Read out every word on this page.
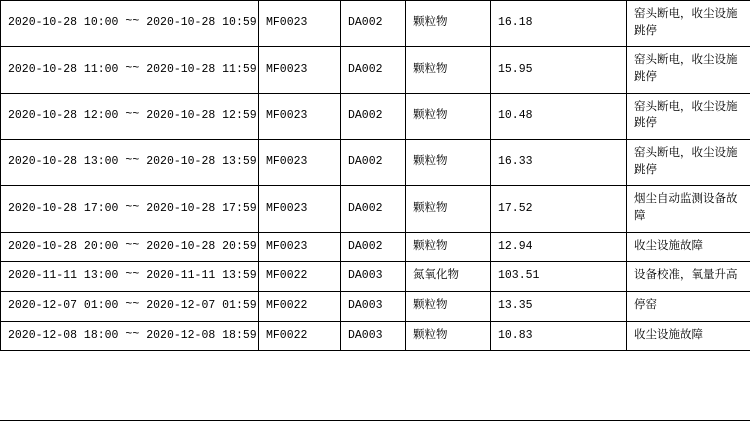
2020-10-28 10:00 ~~ 2020-10-28 10:59	MF0023	DA002	颗粒物	16.18	窑头断电，收尘设施跳停
2020-10-28 11:00 ~~ 2020-10-28 11:59	MF0023	DA002	颗粒物	15.95	窑头断电，收尘设施跳停
2020-10-28 12:00 ~~ 2020-10-28 12:59	MF0023	DA002	颗粒物	10.48	窑头断电，收尘设施跳停
2020-10-28 13:00 ~~ 2020-10-28 13:59	MF0023	DA002	颗粒物	16.33	窑头断电，收尘设施跳停
2020-10-28 17:00 ~~ 2020-10-28 17:59	MF0023	DA002	颗粒物	17.52	烟尘自动监测设备故障
2020-10-28 20:00 ~~ 2020-10-28 20:59	MF0023	DA002	颗粒物	12.94	收尘设施故障
2020-11-11 13:00 ~~ 2020-11-11 13:59	MF0022	DA003	氮氧化物	103.51	设备校准，氧量升高
2020-12-07 01:00 ~~ 2020-12-07 01:59	MF0022	DA003	颗粒物	13.35	停窑
2020-12-08 18:00 ~~ 2020-12-08 18:59	MF0022	DA003	颗粒物	10.83	收尘设施故障
